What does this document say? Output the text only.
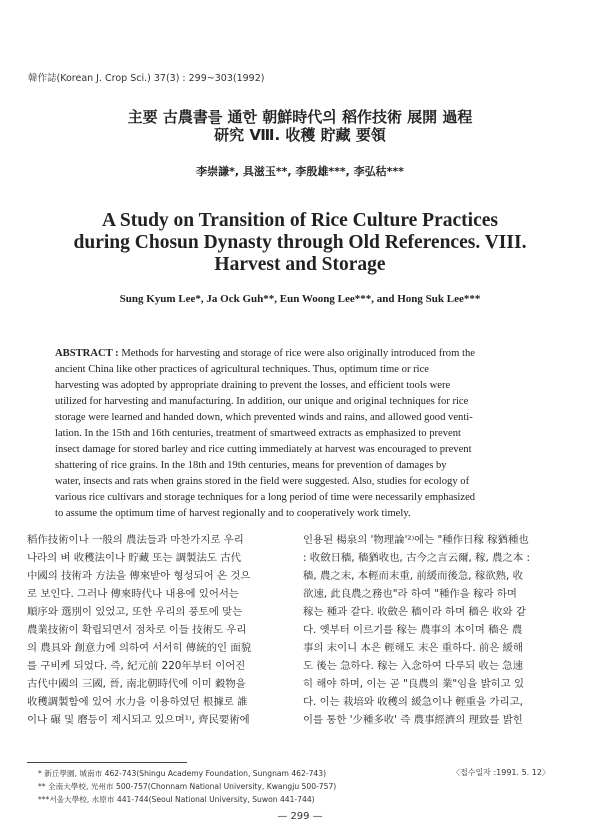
韓作誌(Korean J. Crop Sci.) 37(3) : 299~303(1992)
主要 古農書를 通한 朝鮮時代의 稻作技術 展開 過程
研究 Ⅷ. 收穫 貯藏 要領
李崇謙*, 具滋玉**, 李殷雄***, 李弘秙***
A Study on Transition of Rice Culture Practices
during Chosun Dynasty through Old References. VIII.
Harvest and Storage
Sung Kyum Lee*, Ja Ock Guh**, Eun Woong Lee***, and Hong Suk Lee***
ABSTRACT : Methods for harvesting and storage of rice were also originally introduced from the
ancient China like other practices of agricultural techniques. Thus, optimum time or rice
harvesting was adopted by appropriate draining to prevent the losses, and efficient tools were
utilized for harvesting and manufacturing. In addition, our unique and original techniques for rice
storage were learned and handed down, which prevented winds and rains, and allowed good venti-
lation. In the 15th and 16th centuries, treatment of smartweed extracts as emphasized to prevent
insect damage for stored barley and rice cutting immediately at harvest was encouraged to prevent
shattering of rice grains. In the 18th and 19th centuries, means for prevention of damages by
water, insects and rats when grains stored in the field were suggested. Also, studies for ecology of
various rice cultivars and storage techniques for a long period of time were necessarily emphasized
to assume the optimum time of harvest regionally and to cooperatively work timely.
稻作技術이나 一般의 農法들과 마찬가지로 우리
나라의 벼 收穫法이나 貯藏 또는 調製法도 古代
中國의 技術과 方法을 傳來받아 형성되어 온 것으
로 보인다. 그러나 傳來時代나 내용에 있어서는
順序와 選別이 있었고, 또한 우리의 풍토에 맞는
農業技術이 확립되면서 점차로 이들 技術도 우리
의 農具와 創意力에 의하여 서서히 傳統的인 面貌
를 구비케 되었다. 즉, 紀元前 220年부터 이어진
古代中國의 三國, 晉, 南北朝時代에 이미 穀物을
收穫調製함에 있어 水力을 이용하였던 根據로 誰
이나 碾 및 磨등이 제시되고 있으며¹⁾, 齊民要術에
인용된 楊泉의 '物理論'²⁾에는 "種作日稼 稼猶種也
: 收斂日穡, 穡猶收也, 古今之言云爾, 稼, 農之本 :
穡, 農之末, 本輕而末重, 前緩而後急, 稼欲熟, 收
欲速, 此良農之務也"라 하여 "種作을 稼라 하며
稼는 種과 같다. 收斂은 穡이라 하며 穡은 收와 같
다. 옛부터 이르기를 稼는 農事의 本이며 穡은 農
事의 末이니 本은 輕해도 末은 重하다. 前은 緩해
도 後는 急하다. 稼는 入念하여 다루되 收는 急速
히 해야 하며, 이는 곧 "良農의 業"임을 밝히고 있
다. 이는 栽培와 收穫의 緩急이나 輕重을 가리고,
이를 통한 '少種多收' 즉 農事經濟의 理致를 밝힌
* 新丘學園, 城南市 462-743(Shingu Academy Foundation, Sungnam 462-743)
** 全南大學校, 光州市 500-757(Chonnam National University, Kwangju 500-757)
***서울大學校, 水原市 441-744(Seoul National University, Suwon 441-744)
〈접수일자 :1991. 5. 12〉
— 299 —
